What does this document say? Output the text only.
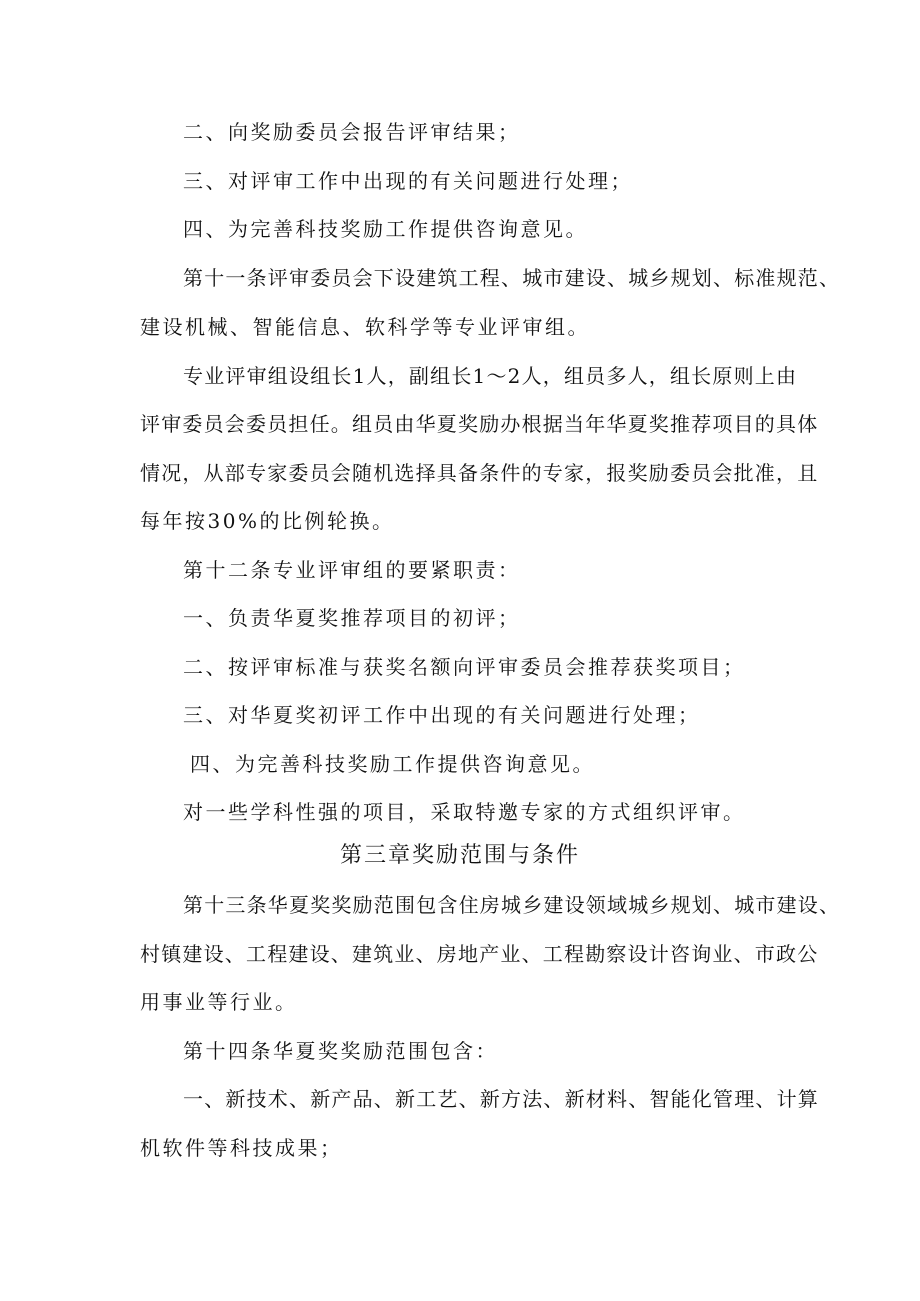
二、向奖励委员会报告评审结果；
三、对评审工作中出现的有关问题进行处理；
四、为完善科技奖励工作提供咨询意见。
第十一条评审委员会下设建筑工程、城市建设、城乡规划、标准规范、
建设机械、智能信息、软科学等专业评审组。
专业评审组设组长1人，副组长1～2人，组员多人，组长原则上由
评审委员会委员担任。组员由华夏奖励办根据当年华夏奖推荐项目的具体
情况，从部专家委员会随机选择具备条件的专家，报奖励委员会批准，且
每年按30%的比例轮换。
第十二条专业评审组的要紧职责：
一、负责华夏奖推荐项目的初评；
二、按评审标准与获奖名额向评审委员会推荐获奖项目；
三、对华夏奖初评工作中出现的有关问题进行处理；
四、为完善科技奖励工作提供咨询意见。
对一些学科性强的项目，采取特邀专家的方式组织评审。
第三章奖励范围与条件
第十三条华夏奖奖励范围包含住房城乡建设领域城乡规划、城市建设、
村镇建设、工程建设、建筑业、房地产业、工程勘察设计咨询业、市政公
用事业等行业。
第十四条华夏奖奖励范围包含：
一、新技术、新产品、新工艺、新方法、新材料、智能化管理、计算
机软件等科技成果；
